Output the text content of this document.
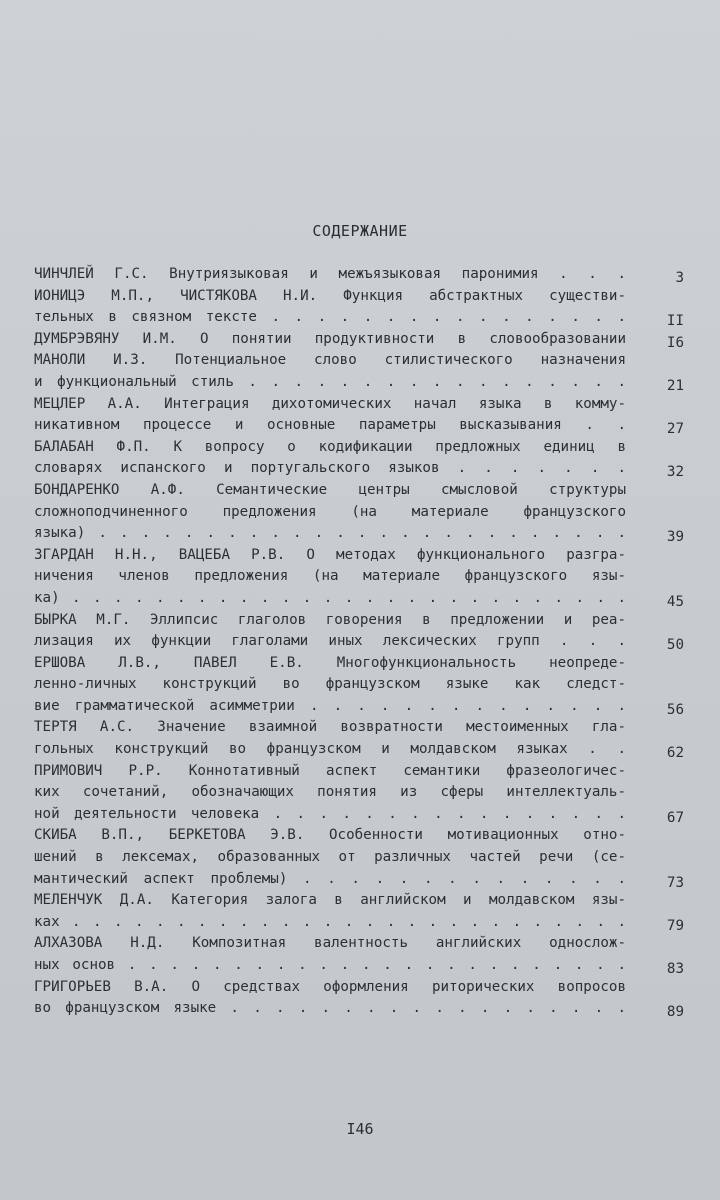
СОДЕРЖАНИЕ
ЧИНЧЛЕЙ Г.С. Внутриязыковая и межъязыковая паронимия . . .	3
ИОНИЦЭ М.П., ЧИСТЯКОВА Н.И. Функция абстрактных существи-
тельных в связном тексте . . . . . . . . . . . . . . . .	II
ДУМБРЭВЯНУ И.М. О понятии продуктивности в словообразовании	I6
МАНОЛИ И.З. Потенциальное слово стилистического назначения
и функциональный стиль . . . . . . . . . . . . . . . . .	21
МЕЦЛЕР А.А. Интеграция дихотомических начал языка в комму-
никативном процессе и основные параметры высказывания . .	27
БАЛАБАН Ф.П. К вопросу о кодификации предложных единиц в
словарях испанского и португальского языков . . . . . . .	32
БОНДАРЕНКО А.Ф. Семантические центры смысловой структуры
сложноподчиненного предложения (на материале французского
языка) . . . . . . . . . . . . . . . . . . . . . . . . .	39
ЗГАРДАН Н.Н., ВАЦЕБА Р.В. О методах функционального разгра-
ничения членов предложения (на материале французского язы-
ка) . . . . . . . . . . . . . . . . . . . . . . . . . . .	45
БЫРКА М.Г. Эллипсис глаголов говорения в предложении и реа-
лизация их функции глаголами иных лексических групп . . .	50
ЕРШОВА Л.В., ПАВЕЛ Е.В. Многофункциональность неопреде-
ленно-личных конструкций во французском языке как следст-
вие грамматической асимметрии . . . . . . . . . . . . . .	56
ТЕРТЯ А.С. Значение взаимной возвратности местоименных гла-
гольных конструкций во французском и молдавском языках . .	62
ПРИМОВИЧ Р.Р. Коннотативный аспект семантики фразеологичес-
ких сочетаний, обозначающих понятия из сферы интеллектуаль-
ной деятельности человека . . . . . . . . . . . . . . . .	67
СКИБА В.П., БЕРКЕТОВА Э.В. Особенности мотивационных отно-
шений в лексемах, образованных от различных частей речи (се-
мантический аспект проблемы) . . . . . . . . . . . . . .	73
МЕЛЕНЧУК Д.А. Категория залога в английском и молдавском язы-
ках . . . . . . . . . . . . . . . . . . . . . . . . . . .	79
АЛХАЗОВА Н.Д. Композитная валентность английских однослож-
ных основ . . . . . . . . . . . . . . . . . . . . . . . .	83
ГРИГОРЬЕВ В.А. О средствах оформления риторических вопросов
во французском языке . . . . . . . . . . . . . . . . . .	89
I46
